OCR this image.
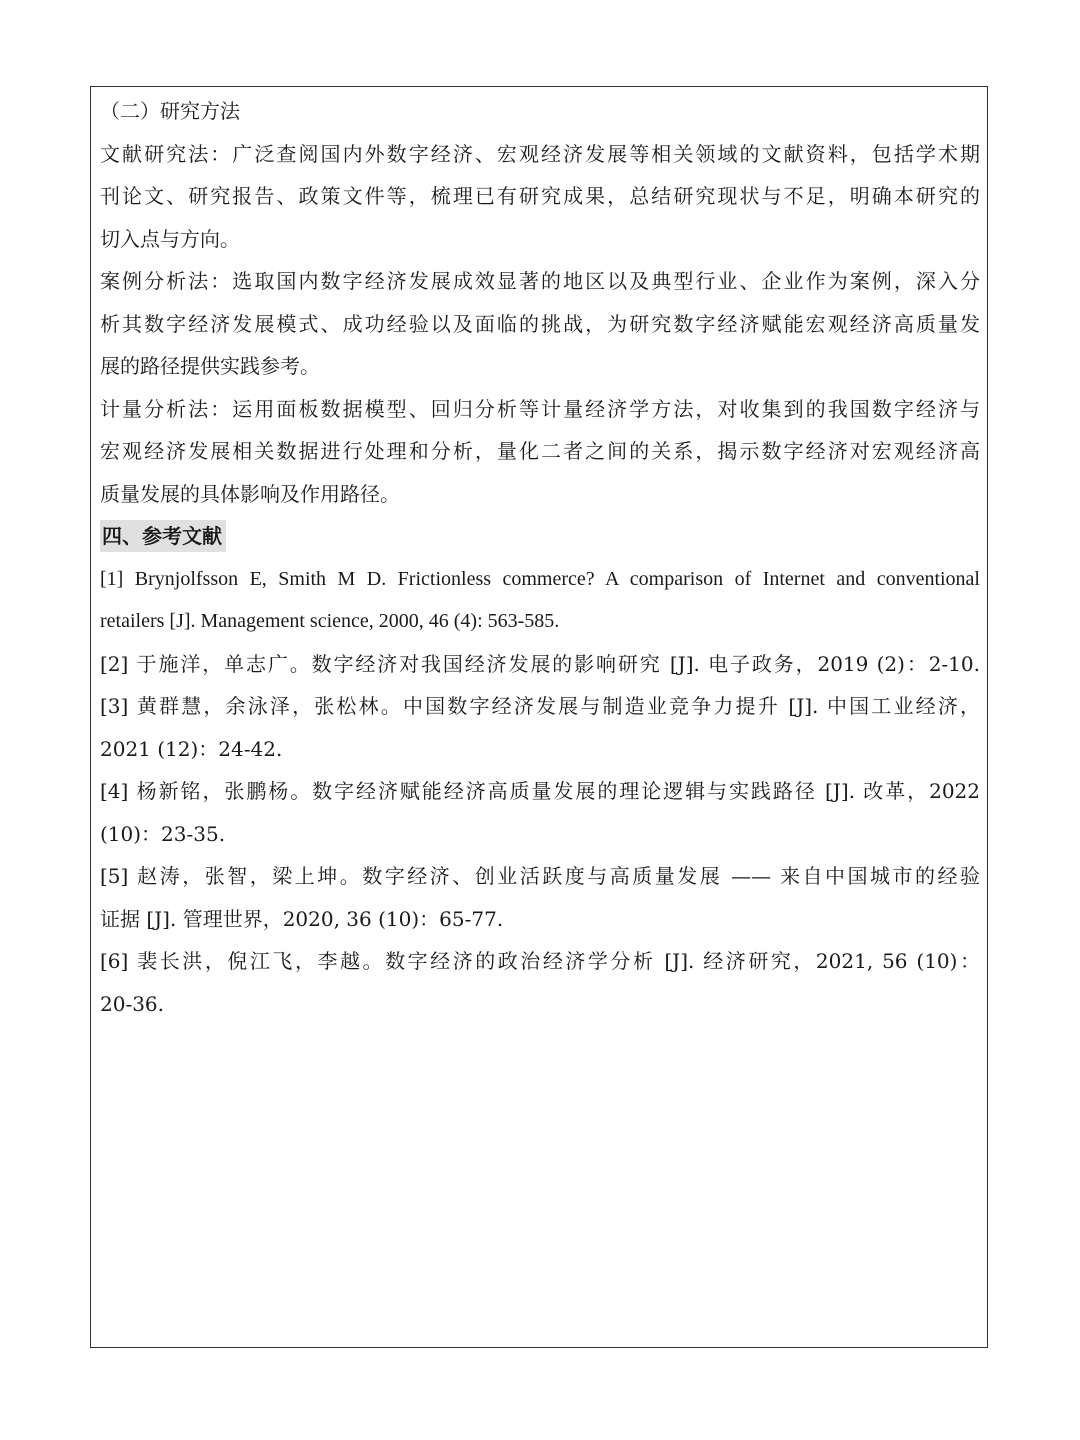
（二）研究方法
文献研究法：广泛查阅国内外数字经济、宏观经济发展等相关领域的文献资料，包括学术期
刊论文、研究报告、政策文件等，梳理已有研究成果，总结研究现状与不足，明确本研究的
切入点与方向。
案例分析法：选取国内数字经济发展成效显著的地区以及典型行业、企业作为案例，深入分
析其数字经济发展模式、成功经验以及面临的挑战，为研究数字经济赋能宏观经济高质量发
展的路径提供实践参考。
计量分析法：运用面板数据模型、回归分析等计量经济学方法，对收集到的我国数字经济与
宏观经济发展相关数据进行处理和分析，量化二者之间的关系，揭示数字经济对宏观经济高
质量发展的具体影响及作用路径。
四、参考文献
[1] Brynjolfsson E, Smith M D. Frictionless commerce? A comparison of Internet and conventional
retailers [J]. Management science, 2000, 46 (4): 563-585.
[2] 于施洋，单志广。数字经济对我国经济发展的影响研究 [J]. 电子政务，2019 (2)：2-10.
[3] 黄群慧，余泳泽，张松林。中国数字经济发展与制造业竞争力提升 [J]. 中国工业经济，
2021 (12)：24-42.
[4] 杨新铭，张鹏杨。数字经济赋能经济高质量发展的理论逻辑与实践路径 [J]. 改革，2022
(10)：23-35.
[5] 赵涛，张智，梁上坤。数字经济、创业活跃度与高质量发展 —— 来自中国城市的经验
证据 [J]. 管理世界，2020, 36 (10)：65-77.
[6] 裴长洪，倪江飞，李越。数字经济的政治经济学分析 [J]. 经济研究，2021, 56 (10)：
20-36.
